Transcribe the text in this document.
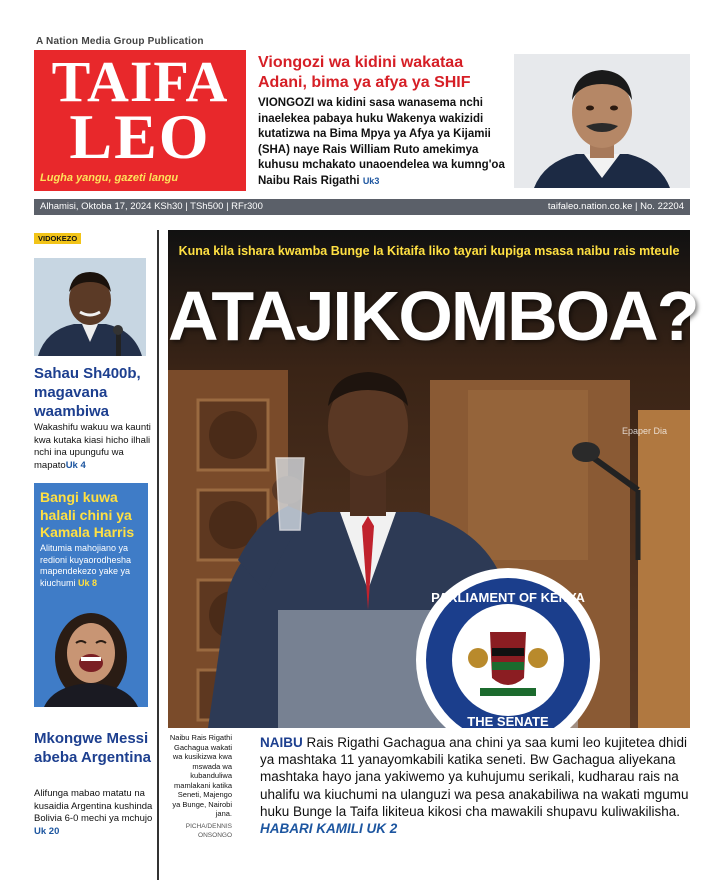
A Nation Media Group Publication
TAIFA
LEO
Lugha yangu, gazeti langu
Viongozi wa kidini wakataa Adani, bima ya afya ya SHIF
VIONGOZI wa kidini sasa wanasema nchi inaelekea pabaya huku Wakenya wakizidi kutatizwa na Bima Mpya ya Afya ya Kijamii (SHA) naye Rais William Ruto amekimya kuhusu mchakato unaoendelea wa kumng'oa Naibu Rais Rigathi Uk3
Alhamisi, Oktoba 17, 2024 KSh30 | TSh500 | RFr300	taifaleo.nation.co.ke | No. 22204
VIDOKEZO
Sahau Sh400b, magavana waambiwa
Wakashifu wakuu wa kaunti kwa kutaka kiasi hicho ilhali nchi ina upungufu wa mapatoUk 4
Bangi kuwa halali chini ya Kamala Harris
Alitumia mahojiano ya redioni kuyaorodhesha mapendekezo yake ya kiuchumi Uk 8
Mkongwe Messi abeba Argentina
Alifunga mabao matatu na kusaidia Argentina kushinda Bolivia 6-0 mechi ya mchujo Uk 20
PARLIAMENT OF KENYA
THE SENATE
Kuna kila ishara kwamba Bunge la Kitaifa liko tayari kupiga msasa naibu rais mteule
ATAJIKOMBOA?
Epaper Dia
Naibu Rais Rigathi Gachagua wakati wa kusikizwa kwa mswada wa kubanduliwa mamlakani katika Seneti, Majengo ya Bunge, Nairobi jana.
PICHA/DENNIS ONSONGO
NAIBU Rais Rigathi Gachagua ana chini ya saa kumi leo kujitetea dhidi ya mashtaka 11 yanayomkabili katika seneti. Bw Gachagua aliyekana mashtaka hayo jana yakiwemo ya kuhujumu serikali, kudharau rais na uhalifu wa kiuchumi na ulanguzi wa pesa anakabiliwa na wakati mgumu huku Bunge la Taifa likiteua kikosi cha mawakili shupavu kuliwakilisha. HABARI KAMILI UK 2
